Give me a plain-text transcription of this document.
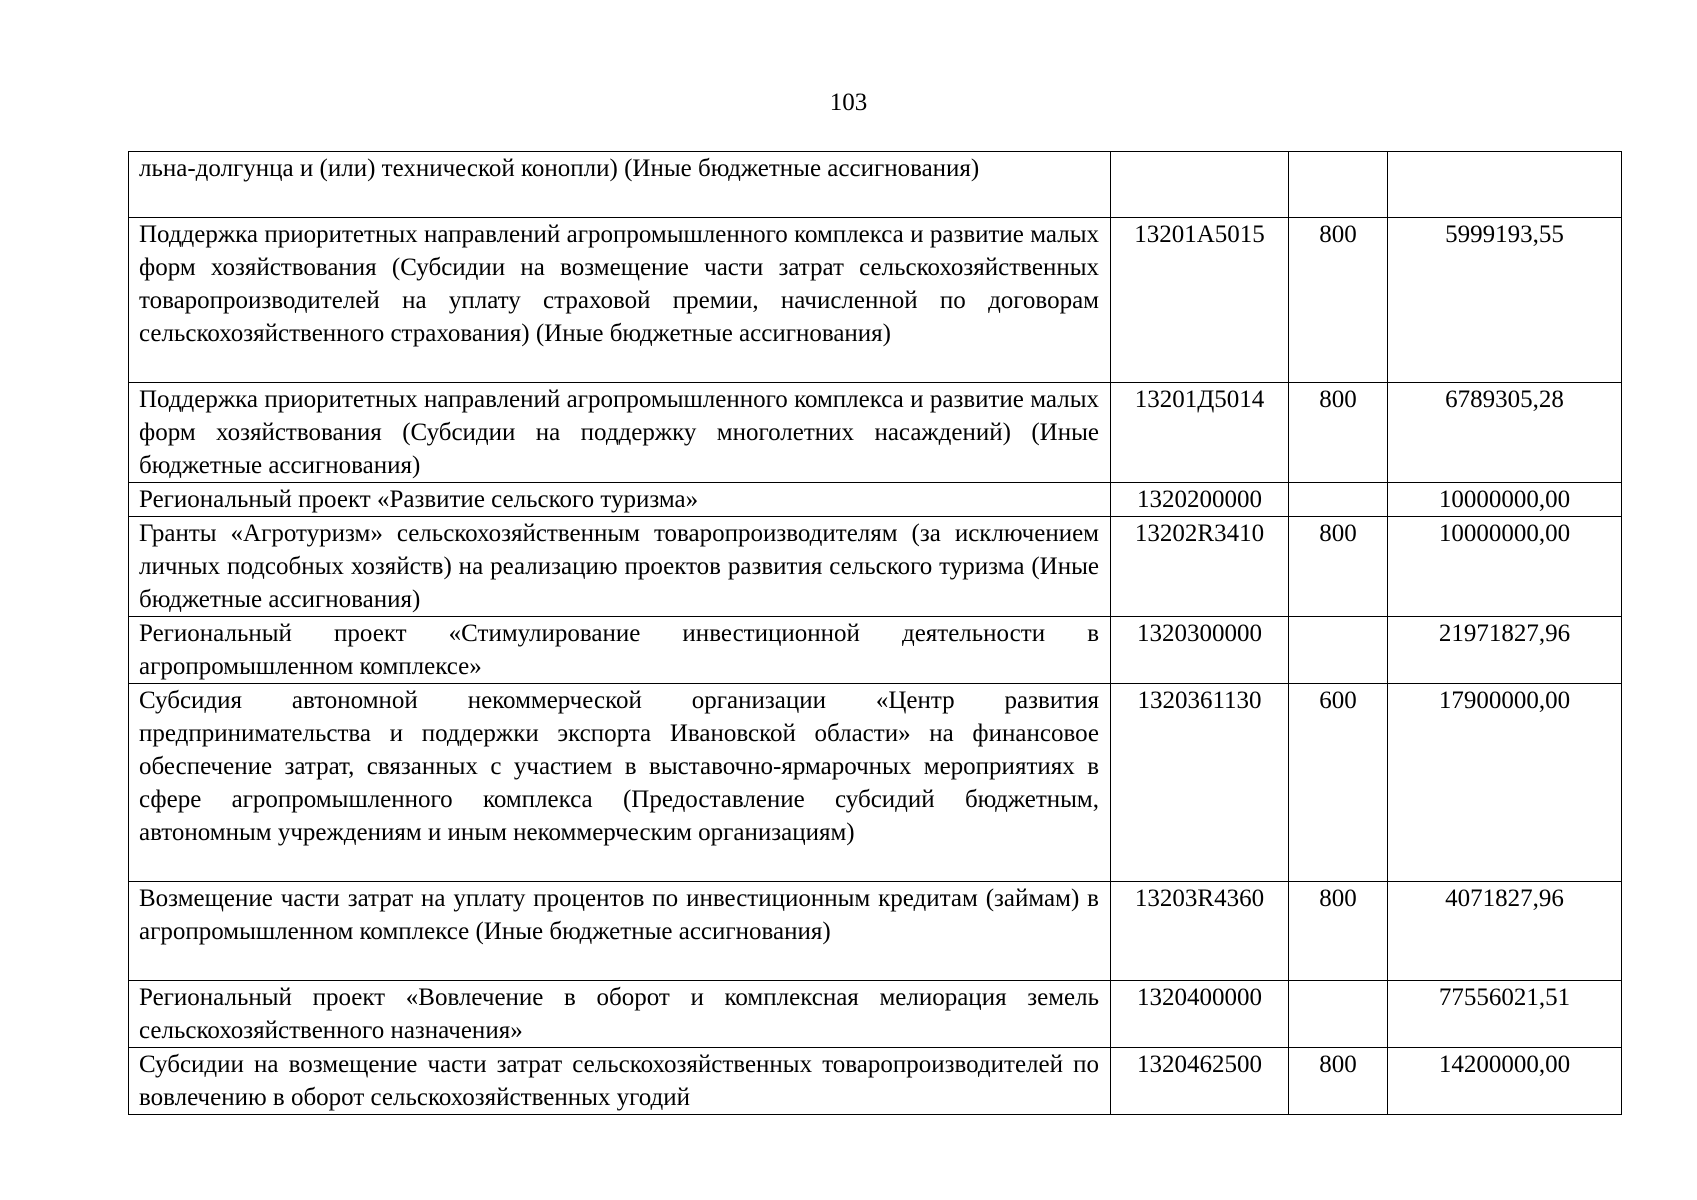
103
льна-долгунца и (или) технической конопли) (Иные бюджетные ассигнования)			
Поддержка приоритетных направлений агропромышленного комплекса и развитие малых форм хозяйствования (Субсидии на возмещение части затрат сельскохозяйственных товаропроизводителей на уплату страховой премии, начисленной по договорам сельскохозяйственного страхования) (Иные бюджетные ассигнования)	13201А5015	800	5999193,55
Поддержка приоритетных направлений агропромышленного комплекса и развитие малых форм хозяйствования (Субсидии на поддержку многолетних насаждений) (Иные бюджетные ассигнования)	13201Д5014	800	6789305,28
Региональный проект «Развитие сельского туризма»	1320200000		10000000,00
Гранты «Агротуризм» сельскохозяйственным товаропроизводителям (за исключением личных подсобных хозяйств) на реализацию проектов развития сельского туризма (Иные бюджетные ассигнования)	13202R3410	800	10000000,00
Региональный проект «Стимулирование инвестиционной деятельности в агропромышленном комплексе»	1320300000		21971827,96
Субсидия автономной некоммерческой организации «Центр развития предпринимательства и поддержки экспорта Ивановской области» на финансовое обеспечение затрат, связанных с участием в выставочно-ярмарочных мероприятиях в сфере агропромышленного комплекса (Предоставление субсидий бюджетным, автономным учреждениям и иным некоммерческим организациям)	1320361130	600	17900000,00
Возмещение части затрат на уплату процентов по инвестиционным кредитам (займам) в агропромышленном комплексе (Иные бюджетные ассигнования)	13203R4360	800	4071827,96
Региональный проект «Вовлечение в оборот и комплексная мелиорация земель сельскохозяйственного назначения»	1320400000		77556021,51
Субсидии на возмещение части затрат сельскохозяйственных товаропроизводителей по вовлечению в оборот сельскохозяйственных угодий	1320462500	800	14200000,00
